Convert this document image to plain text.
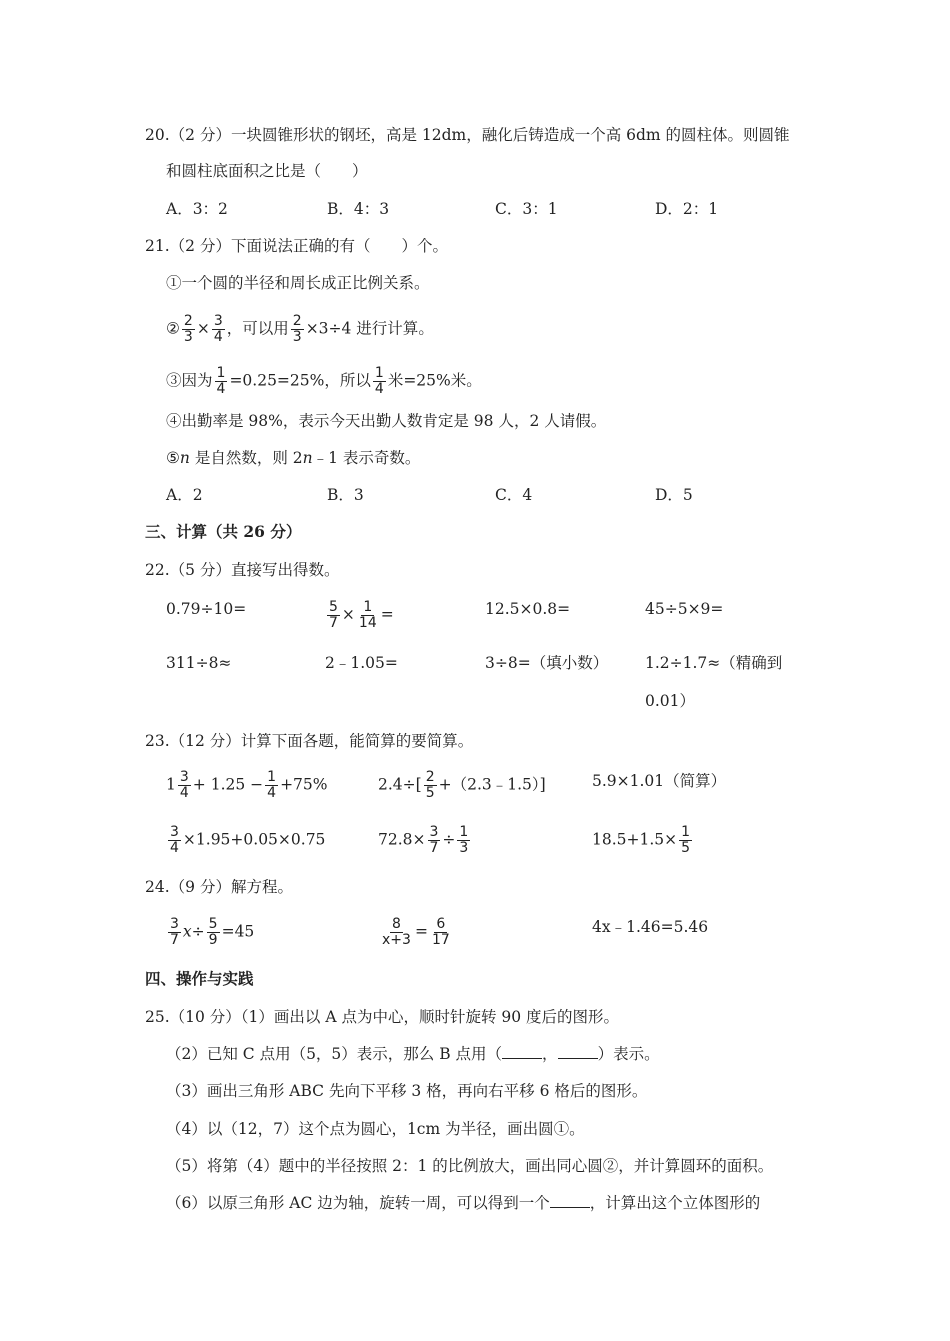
20.（2 分）一块圆锥形状的钢坯，高是 12dm，融化后铸造成一个高 6dm 的圆柱体。则圆锥
和圆柱底面积之比是（　　）
A．3：2	B．4：3	C．3：1	D．2：1
21.（2 分）下面说法正确的有（　　）个。
①一个圆的半径和周长成正比例关系。
② $\frac{2}{3} \times \frac{3}{4}$ ，可以用 $\frac{2}{3} \times 3\div 4$ 进行计算。
③因为 $\frac{1}{4} =0.25=25\%$，所以 $\frac{1}{4}$ 米=25%米。
④出勤率是 98%，表示今天出勤人数肯定是 98 人，2 人请假。
⑤n 是自然数，则 2n﹣1 表示奇数。
A．2	B．3	C．4	D．5
三、计算（共 26 分）
22.（5 分）直接写出得数。
0.79÷10=	$\frac{5}{7} \times \frac{1}{14}$ =	12.5×0.8=	45÷5×9=
311÷8≈	2﹣1.05=	3÷8=（填小数） 1.2÷1.7≈（精确到
0.01）
23.（12 分）计算下面各题，能简算的要简算。
$1 \frac{3}{4} + 1.25 - \frac{1}{4} +75\%$	$2.4\div[ \frac{2}{5}$ +（2.3﹣1.5）]	5.9×1.01（简算）
$\frac{3}{4} \times 1.95+0.05\times 0.75$	$72.8\times \frac{3}{7} \div \frac{1}{3}$	$18.5+1.5\times \frac{1}{5}$
24.（9 分）解方程。
$\frac{3}{7} x\div \frac{5}{9} =45$	$\frac{8}{x+3} = \frac{6}{17}$	4x﹣1.46=5.46
四、操作与实践
25.（10 分）（1）画出以 A 点为中心，顺时针旋转 90 度后的图形。
（2）已知 C 点用（5，5）表示，那么 B 点用（	，	）表示。
（3）画出三角形 ABC 先向下平移 3 格，再向右平移 6 格后的图形。
（4）以（12，7）这个点为圆心，1cm 为半径，画出圆①。
（5）将第（4）题中的半径按照 2：1 的比例放大，画出同心圆②，并计算圆环的面积。
（6）以原三角形 AC 边为轴，旋转一周，可以得到一个	，计算出这个立体图形的
